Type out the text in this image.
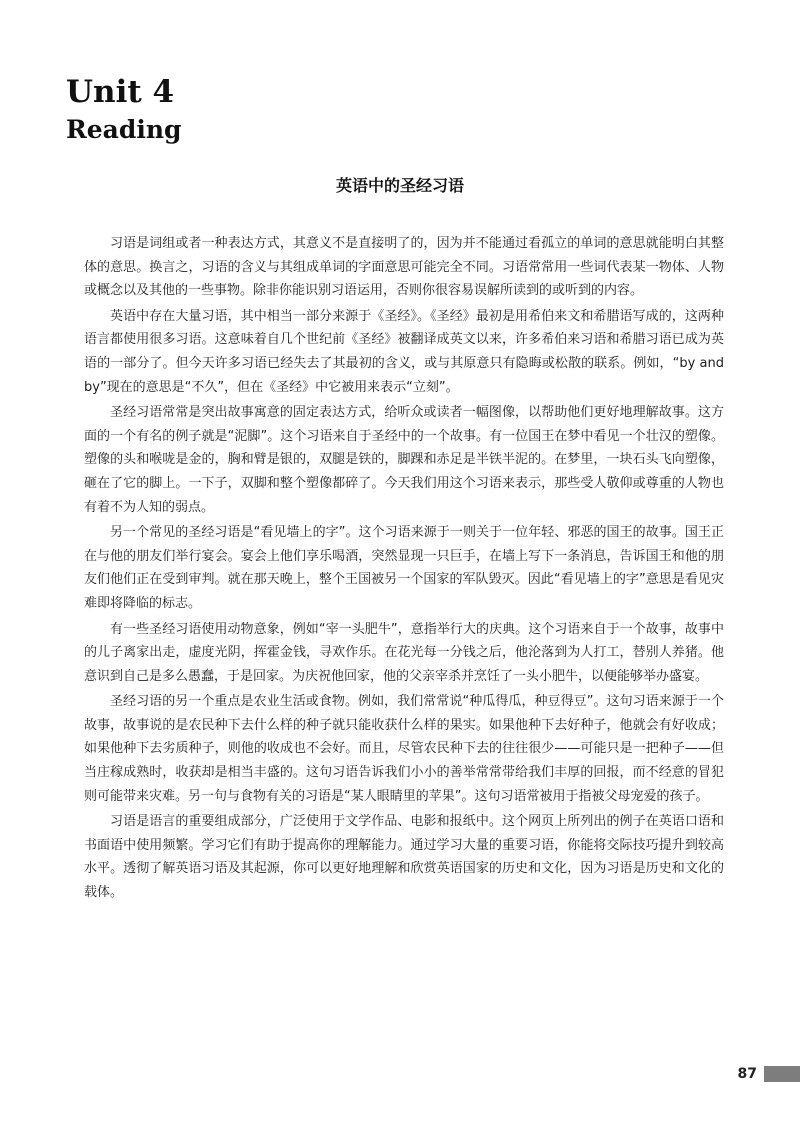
Unit 4
Reading
英语中的圣经习语

习语是词组或者一种表达方式，其意义不是直接明了的，因为并不能通过看孤立的单词的意思就能明白其整体的意思。换言之，习语的含义与其组成单词的字面意思可能完全不同。习语常常用一些词代表某一物体、人物或概念以及其他的一些事物。除非你能识别习语运用，否则你很容易误解所读到的或听到的内容。

英语中存在大量习语，其中相当一部分来源于《圣经》。《圣经》最初是用希伯来文和希腊语写成的，这两种语言都使用很多习语。这意味着自几个世纪前《圣经》被翻译成英文以来，许多希伯来习语和希腊习语已成为英语的一部分了。但今天许多习语已经失去了其最初的含义，或与其原意只有隐晦或松散的联系。例如，“by and by”现在的意思是“不久”，但在《圣经》中它被用来表示“立刻”。

圣经习语常常是突出故事寓意的固定表达方式，给听众或读者一幅图像，以帮助他们更好地理解故事。这方面的一个有名的例子就是“泥脚”。这个习语来自于圣经中的一个故事。有一位国王在梦中看见一个壮汉的塑像。塑像的头和喉咙是金的，胸和臂是银的，双腿是铁的，脚踝和赤足是半铁半泥的。在梦里，一块石头飞向塑像，砸在了它的脚上。一下子，双脚和整个塑像都碎了。今天我们用这个习语来表示，那些受人敬仰或尊重的人物也有着不为人知的弱点。

另一个常见的圣经习语是“看见墙上的字”。这个习语来源于一则关于一位年轻、邪恶的国王的故事。国王正在与他的朋友们举行宴会。宴会上他们享乐喝酒，突然显现一只巨手，在墙上写下一条消息，告诉国王和他的朋友们他们正在受到审判。就在那天晚上，整个王国被另一个国家的军队毁灭。因此“看见墙上的字”意思是看见灾难即将降临的标志。

有一些圣经习语使用动物意象，例如“宰一头肥牛”，意指举行大的庆典。这个习语来自于一个故事，故事中的儿子离家出走，虚度光阴，挥霍金钱，寻欢作乐。在花光每一分钱之后，他沦落到为人打工，替别人养猪。他意识到自己是多么愚蠢，于是回家。为庆祝他回家，他的父亲宰杀并烹饪了一头小肥牛，以便能够举办盛宴。

圣经习语的另一个重点是农业生活或食物。例如，我们常常说“种瓜得瓜，种豆得豆”。这句习语来源于一个故事，故事说的是农民种下去什么样的种子就只能收获什么样的果实。如果他种下去好种子，他就会有好收成；如果他种下去劣质种子，则他的收成也不会好。而且，尽管农民种下去的往往很少——可能只是一把种子——但当庄稼成熟时，收获却是相当丰盛的。这句习语告诉我们小小的善举常常带给我们丰厚的回报，而不经意的冒犯则可能带来灾难。另一句与食物有关的习语是“某人眼睛里的苹果”。这句习语常被用于指被父母宠爱的孩子。

习语是语言的重要组成部分，广泛使用于文学作品、电影和报纸中。这个网页上所列出的例子在英语口语和书面语中使用频繁。学习它们有助于提高你的理解能力。通过学习大量的重要习语，你能将交际技巧提升到较高水平。透彻了解英语习语及其起源，你可以更好地理解和欣赏英语国家的历史和文化，因为习语是历史和文化的载体。

87
